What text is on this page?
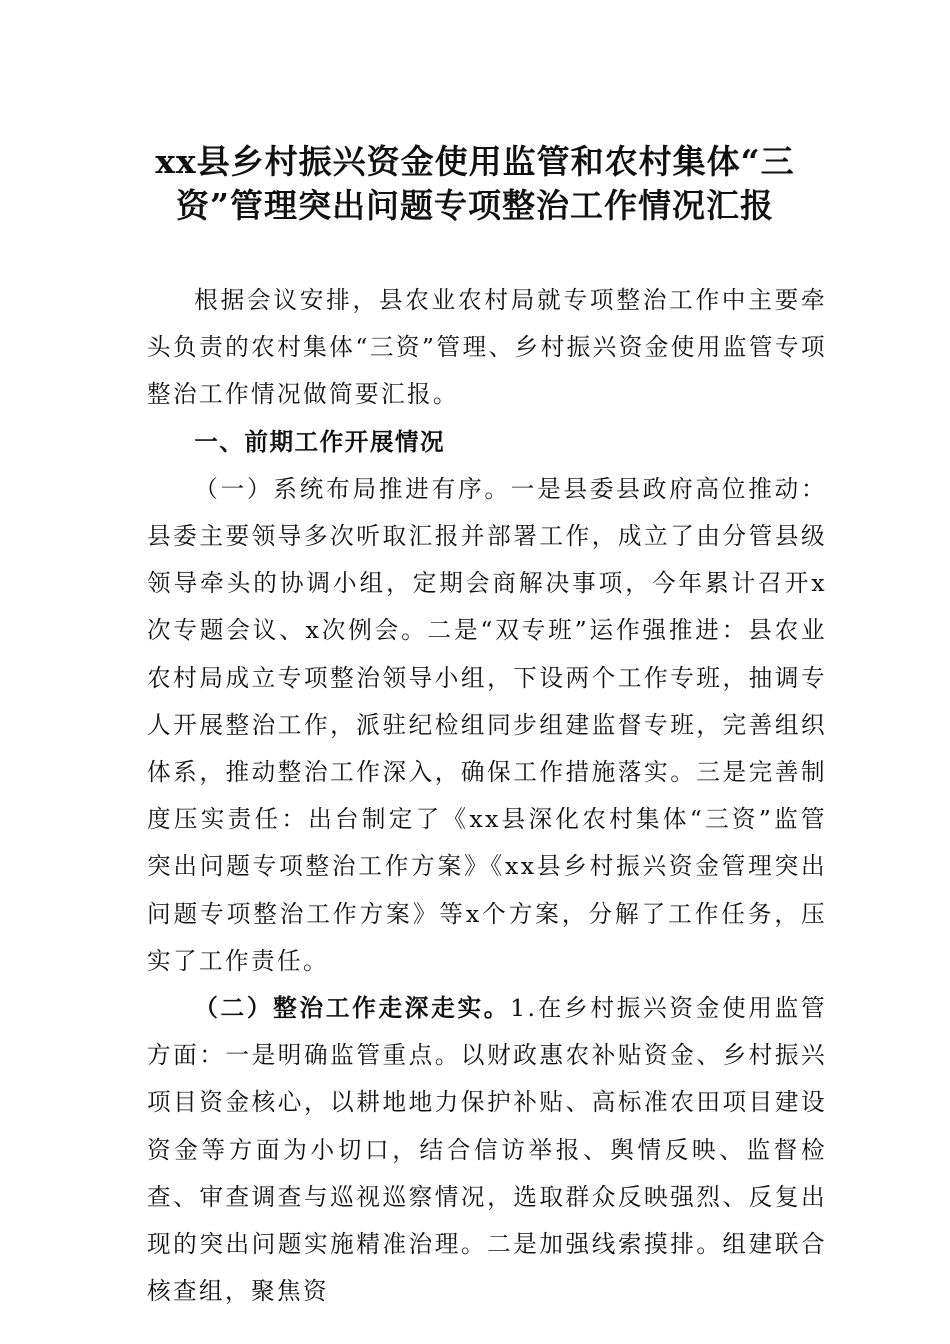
xx县乡村振兴资金使用监管和农村集体“三
资”管理突出问题专项整治工作情况汇报

根据会议安排，县农业农村局就专项整治工作中主要牵头负责的农村集体“三资”管理、乡村振兴资金使用监管专项整治工作情况做简要汇报。

一、前期工作开展情况

（一）系统布局推进有序。一是县委县政府高位推动：县委主要领导多次听取汇报并部署工作，成立了由分管县级领导牵头的协调小组，定期会商解决事项，今年累计召开x次专题会议、x次例会。二是“双专班”运作强推进：县农业农村局成立专项整治领导小组，下设两个工作专班，抽调专人开展整治工作，派驻纪检组同步组建监督专班，完善组织体系，推动整治工作深入，确保工作措施落实。三是完善制度压实责任：出台制定了《xx县深化农村集体“三资”监管突出问题专项整治工作方案》《xx县乡村振兴资金管理突出问题专项整治工作方案》等x个方案，分解了工作任务，压实了工作责任。

（二）整治工作走深走实。1.在乡村振兴资金使用监管方面：一是明确监管重点。以财政惠农补贴资金、乡村振兴项目资金核心，以耕地地力保护补贴、高标准农田项目建设资金等方面为小切口，结合信访举报、舆情反映、监督检查、审查调查与巡视巡察情况，选取群众反映强烈、反复出现的突出问题实施精准治理。二是加强线索摸排。组建联合核查组，聚焦资
